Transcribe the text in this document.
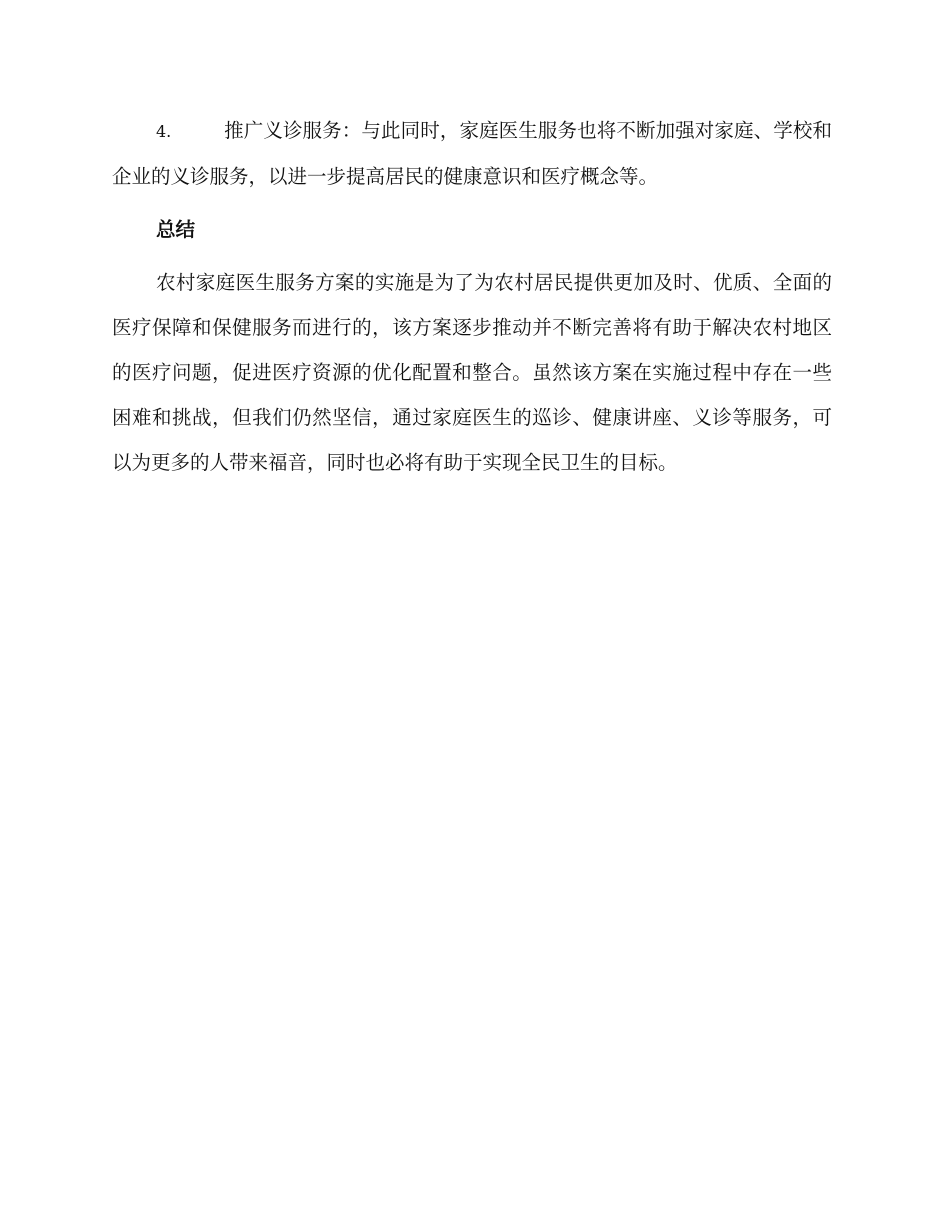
4.	推广义诊服务：与此同时，家庭医生服务也将不断加强对家庭、学校和企业的义诊服务，以进一步提高居民的健康意识和医疗概念等。

总结

农村家庭医生服务方案的实施是为了为农村居民提供更加及时、优质、全面的医疗保障和保健服务而进行的，该方案逐步推动并不断完善将有助于解决农村地区的医疗问题，促进医疗资源的优化配置和整合。虽然该方案在实施过程中存在一些困难和挑战，但我们仍然坚信，通过家庭医生的巡诊、健康讲座、义诊等服务，可以为更多的人带来福音，同时也必将有助于实现全民卫生的目标。
